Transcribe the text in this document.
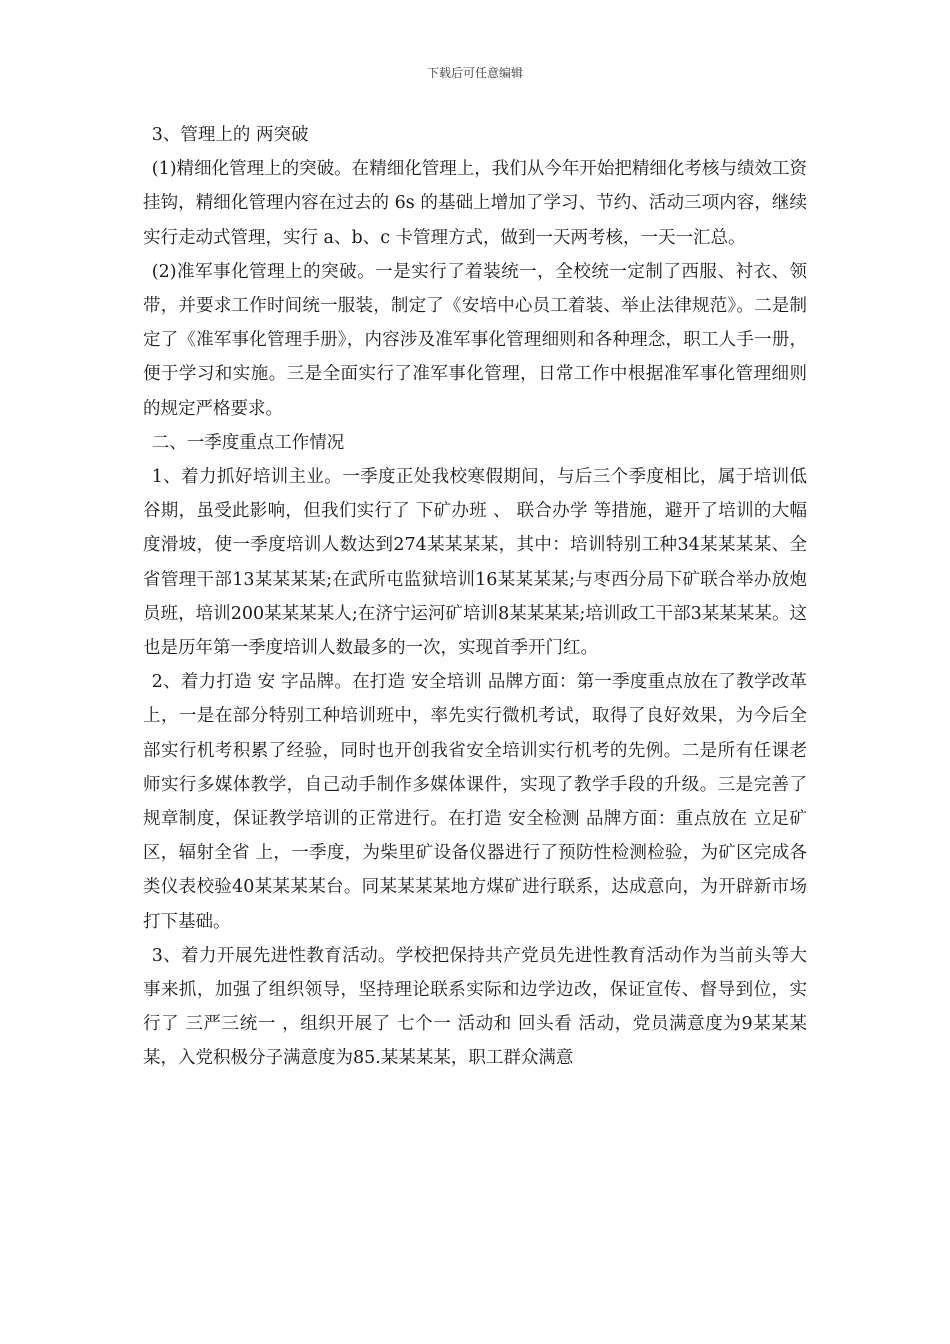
下载后可任意编辑

3、管理上的 两突破

(1)精细化管理上的突破。在精细化管理上，我们从今年开始把精细化考核与绩效工资挂钩，精细化管理内容在过去的 6s 的基础上增加了学习、节约、活动三项内容，继续实行走动式管理，实行 a、b、c 卡管理方式，做到一天两考核，一天一汇总。

(2)准军事化管理上的突破。一是实行了着装统一，全校统一定制了西服、衬衣、领带，并要求工作时间统一服装，制定了《安培中心员工着装、举止法律规范》。二是制定了《准军事化管理手册》，内容涉及准军事化管理细则和各种理念，职工人手一册，便于学习和实施。三是全面实行了准军事化管理，日常工作中根据准军事化管理细则的规定严格要求。

二、一季度重点工作情况

1、着力抓好培训主业。一季度正处我校寒假期间，与后三个季度相比，属于培训低谷期，虽受此影响，但我们实行了 下矿办班 、 联合办学 等措施，避开了培训的大幅度滑坡，使一季度培训人数达到274某某某某，其中：培训特别工种34某某某某、全省管理干部13某某某某;在武所屯监狱培训16某某某某;与枣西分局下矿联合举办放炮员班，培训200某某某某人;在济宁运河矿培训8某某某某;培训政工干部3某某某某。这也是历年第一季度培训人数最多的一次，实现首季开门红。

2、着力打造 安 字品牌。在打造 安全培训 品牌方面：第一季度重点放在了教学改革上，一是在部分特别工种培训班中，率先实行微机考试，取得了良好效果，为今后全部实行机考积累了经验，同时也开创我省安全培训实行机考的先例。二是所有任课老师实行多媒体教学，自己动手制作多媒体课件，实现了教学手段的升级。三是完善了规章制度，保证教学培训的正常进行。在打造 安全检测 品牌方面：重点放在 立足矿区，辐射全省 上，一季度，为柴里矿设备仪器进行了预防性检测检验，为矿区完成各类仪表校验40某某某某台。同某某某某地方煤矿进行联系，达成意向，为开辟新市场打下基础。

3、着力开展先进性教育活动。学校把保持共产党员先进性教育活动作为当前头等大事来抓，加强了组织领导，坚持理论联系实际和边学边改，保证宣传、督导到位，实行了 三严三统一 ，组织开展了 七个一 活动和 回头看 活动，党员满意度为9某某某某，入党积极分子满意度为85.某某某某，职工群众满意
